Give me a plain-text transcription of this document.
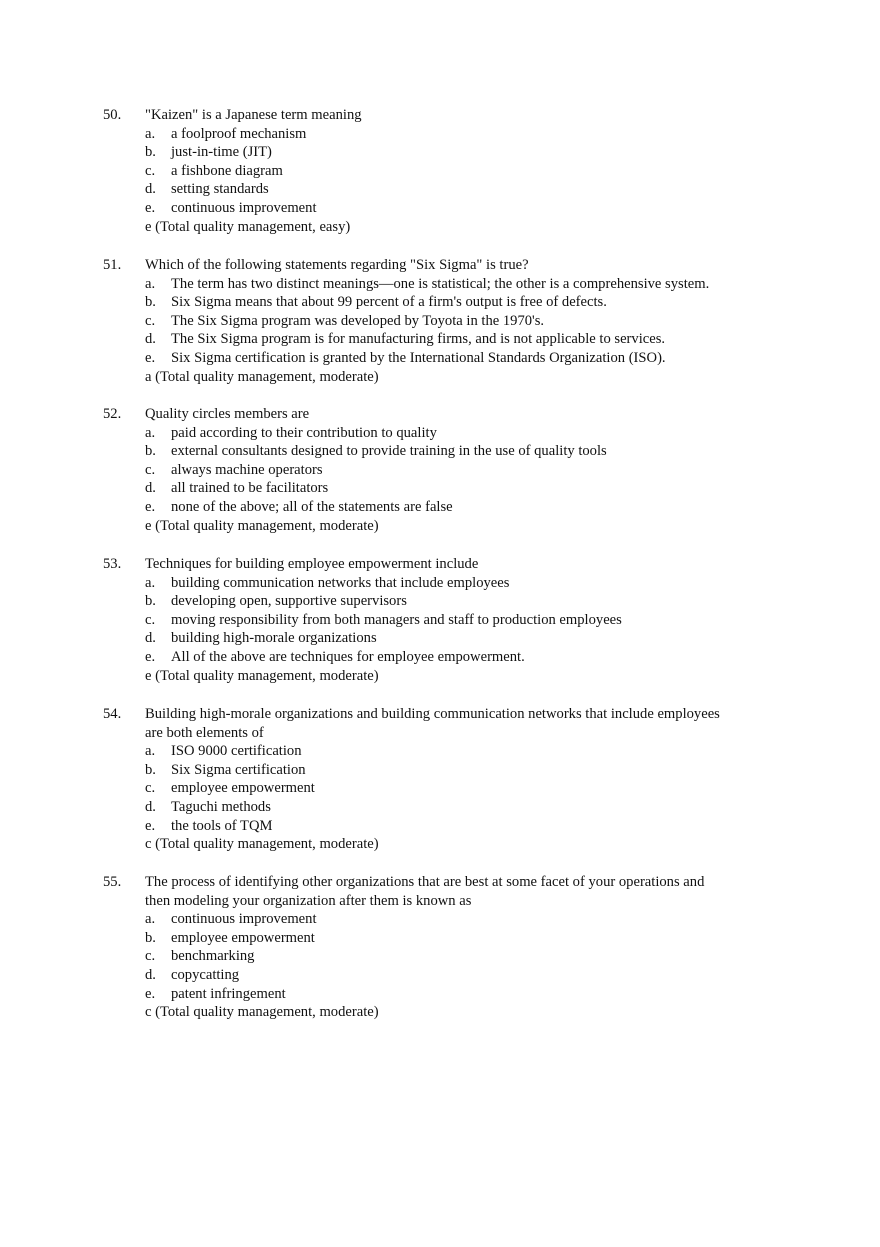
50. "Kaizen" is a Japanese term meaning
a. a foolproof mechanism
b. just-in-time (JIT)
c. a fishbone diagram
d. setting standards
e. continuous improvement
e (Total quality management, easy)
51. Which of the following statements regarding "Six Sigma" is true?
a. The term has two distinct meanings—one is statistical; the other is a comprehensive system.
b. Six Sigma means that about 99 percent of a firm's output is free of defects.
c. The Six Sigma program was developed by Toyota in the 1970's.
d. The Six Sigma program is for manufacturing firms, and is not applicable to services.
e. Six Sigma certification is granted by the International Standards Organization (ISO).
a (Total quality management, moderate)
52. Quality circles members are
a. paid according to their contribution to quality
b. external consultants designed to provide training in the use of quality tools
c. always machine operators
d. all trained to be facilitators
e. none of the above; all of the statements are false
e (Total quality management, moderate)
53. Techniques for building employee empowerment include
a. building communication networks that include employees
b. developing open, supportive supervisors
c. moving responsibility from both managers and staff to production employees
d. building high-morale organizations
e. All of the above are techniques for employee empowerment.
e (Total quality management, moderate)
54. Building high-morale organizations and building communication networks that include employees
are both elements of
a. ISO 9000 certification
b. Six Sigma certification
c. employee empowerment
d. Taguchi methods
e. the tools of TQM
c (Total quality management, moderate)
55. The process of identifying other organizations that are best at some facet of your operations and
then modeling your organization after them is known as
a. continuous improvement
b. employee empowerment
c. benchmarking
d. copycatting
e. patent infringement
c (Total quality management, moderate)
